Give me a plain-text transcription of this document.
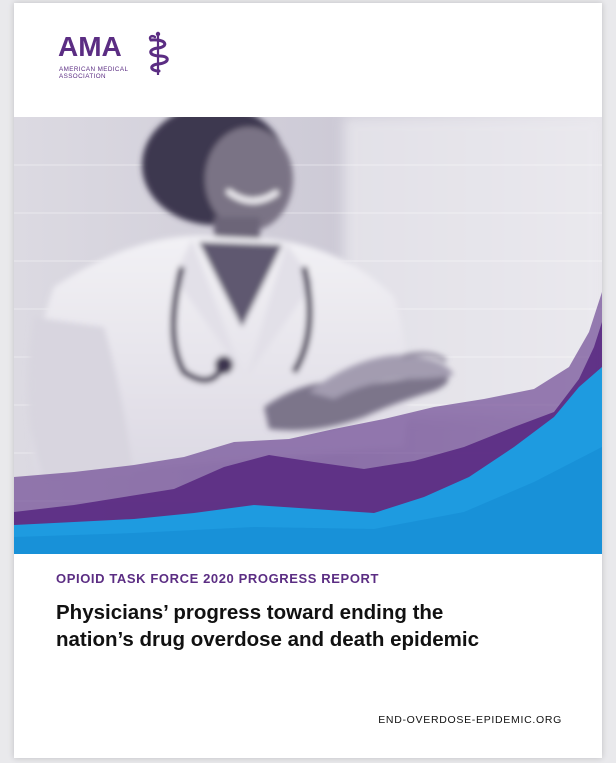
AMA
AMERICAN MEDICAL
ASSOCIATION
OPIOID TASK FORCE 2020 PROGRESS REPORT
Physicians’ progress toward ending the
nation’s drug overdose and death epidemic
END-OVERDOSE-EPIDEMIC.ORG
